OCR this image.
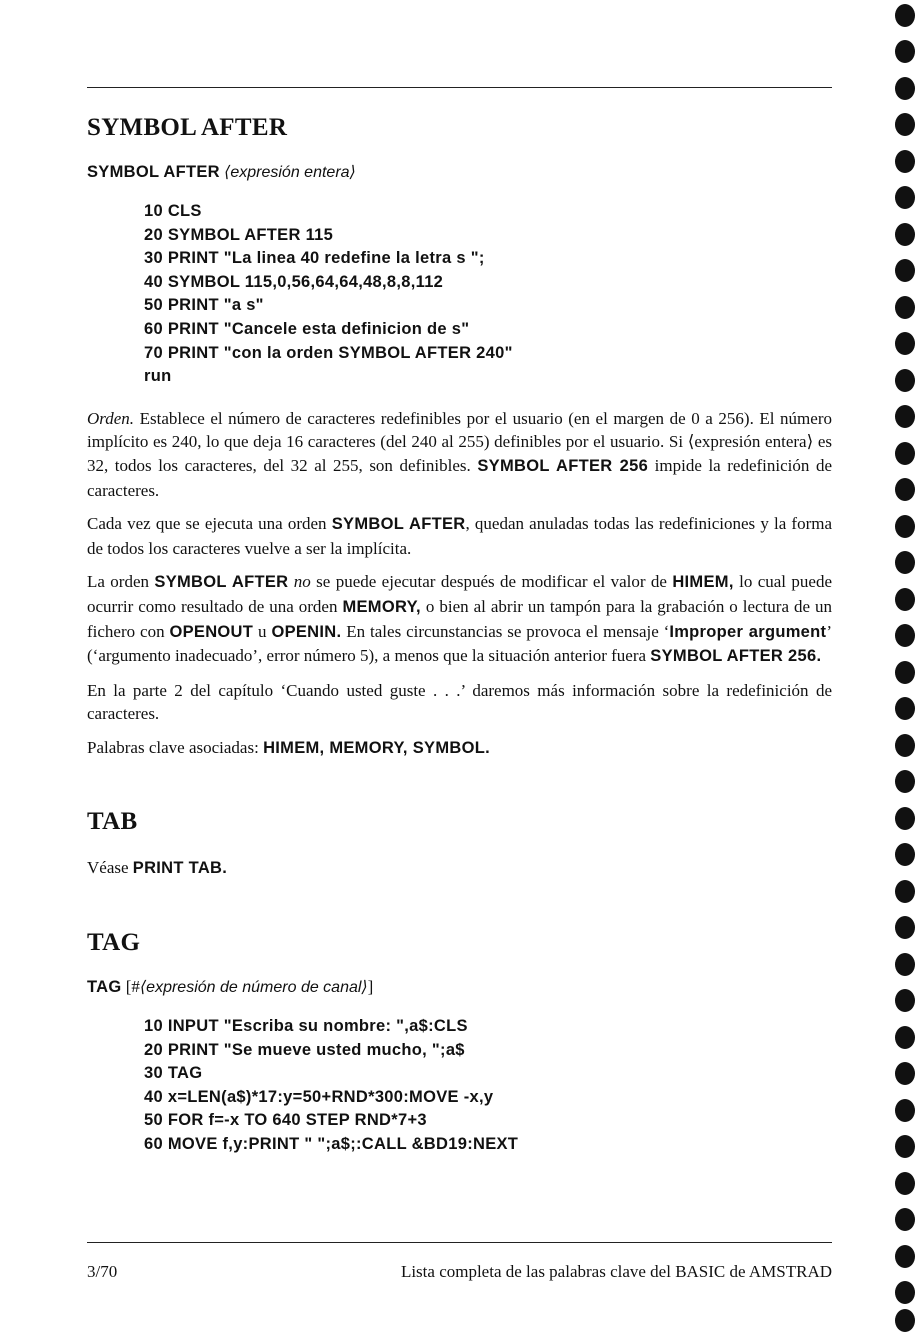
SYMBOL AFTER
SYMBOL AFTER ⟨expresión entera⟩
10 CLS
20 SYMBOL AFTER 115
30 PRINT "La linea 40 redefine la letra s ";
40 SYMBOL 115,0,56,64,64,48,8,8,112
50 PRINT "a s"
60 PRINT "Cancele esta definicion de s"
70 PRINT "con la orden SYMBOL AFTER 240"
run

Orden. Establece el número de caracteres redefinibles por el usuario (en el margen de 0 a 256). El número implícito es 240, lo que deja 16 caracteres (del 240 al 255) definibles por el usuario. Si ⟨expresión entera⟩ es 32, todos los caracteres, del 32 al 255, son definibles. SYMBOL AFTER 256 impide la redefinición de caracteres.

Cada vez que se ejecuta una orden SYMBOL AFTER, quedan anuladas todas las redefiniciones y la forma de todos los caracteres vuelve a ser la implícita.

La orden SYMBOL AFTER no se puede ejecutar después de modificar el valor de HIMEM, lo cual puede ocurrir como resultado de una orden MEMORY, o bien al abrir un tampón para la grabación o lectura de un fichero con OPENOUT u OPENIN. En tales circunstancias se provoca el mensaje ‘Improper argument’ (‘argumento inadecuado’, error número 5), a menos que la situación anterior fuera SYMBOL AFTER 256.

En la parte 2 del capítulo ‘Cuando usted guste . . .’ daremos más información sobre la redefinición de caracteres.

Palabras clave asociadas: HIMEM, MEMORY, SYMBOL.

TAB

Véase PRINT TAB.

TAG
TAG [#⟨expresión de número de canal⟩]
10 INPUT "Escriba su nombre: ",a$:CLS
20 PRINT "Se mueve usted mucho, ";a$
30 TAG
40 x=LEN(a$)*17:y=50+RND*300:MOVE -x,y
50 FOR f=-x TO 640 STEP RND*7+3
60 MOVE f,y:PRINT " ";a$;:CALL &BD19:NEXT
3/70	Lista completa de las palabras clave del BASIC de AMSTRAD
